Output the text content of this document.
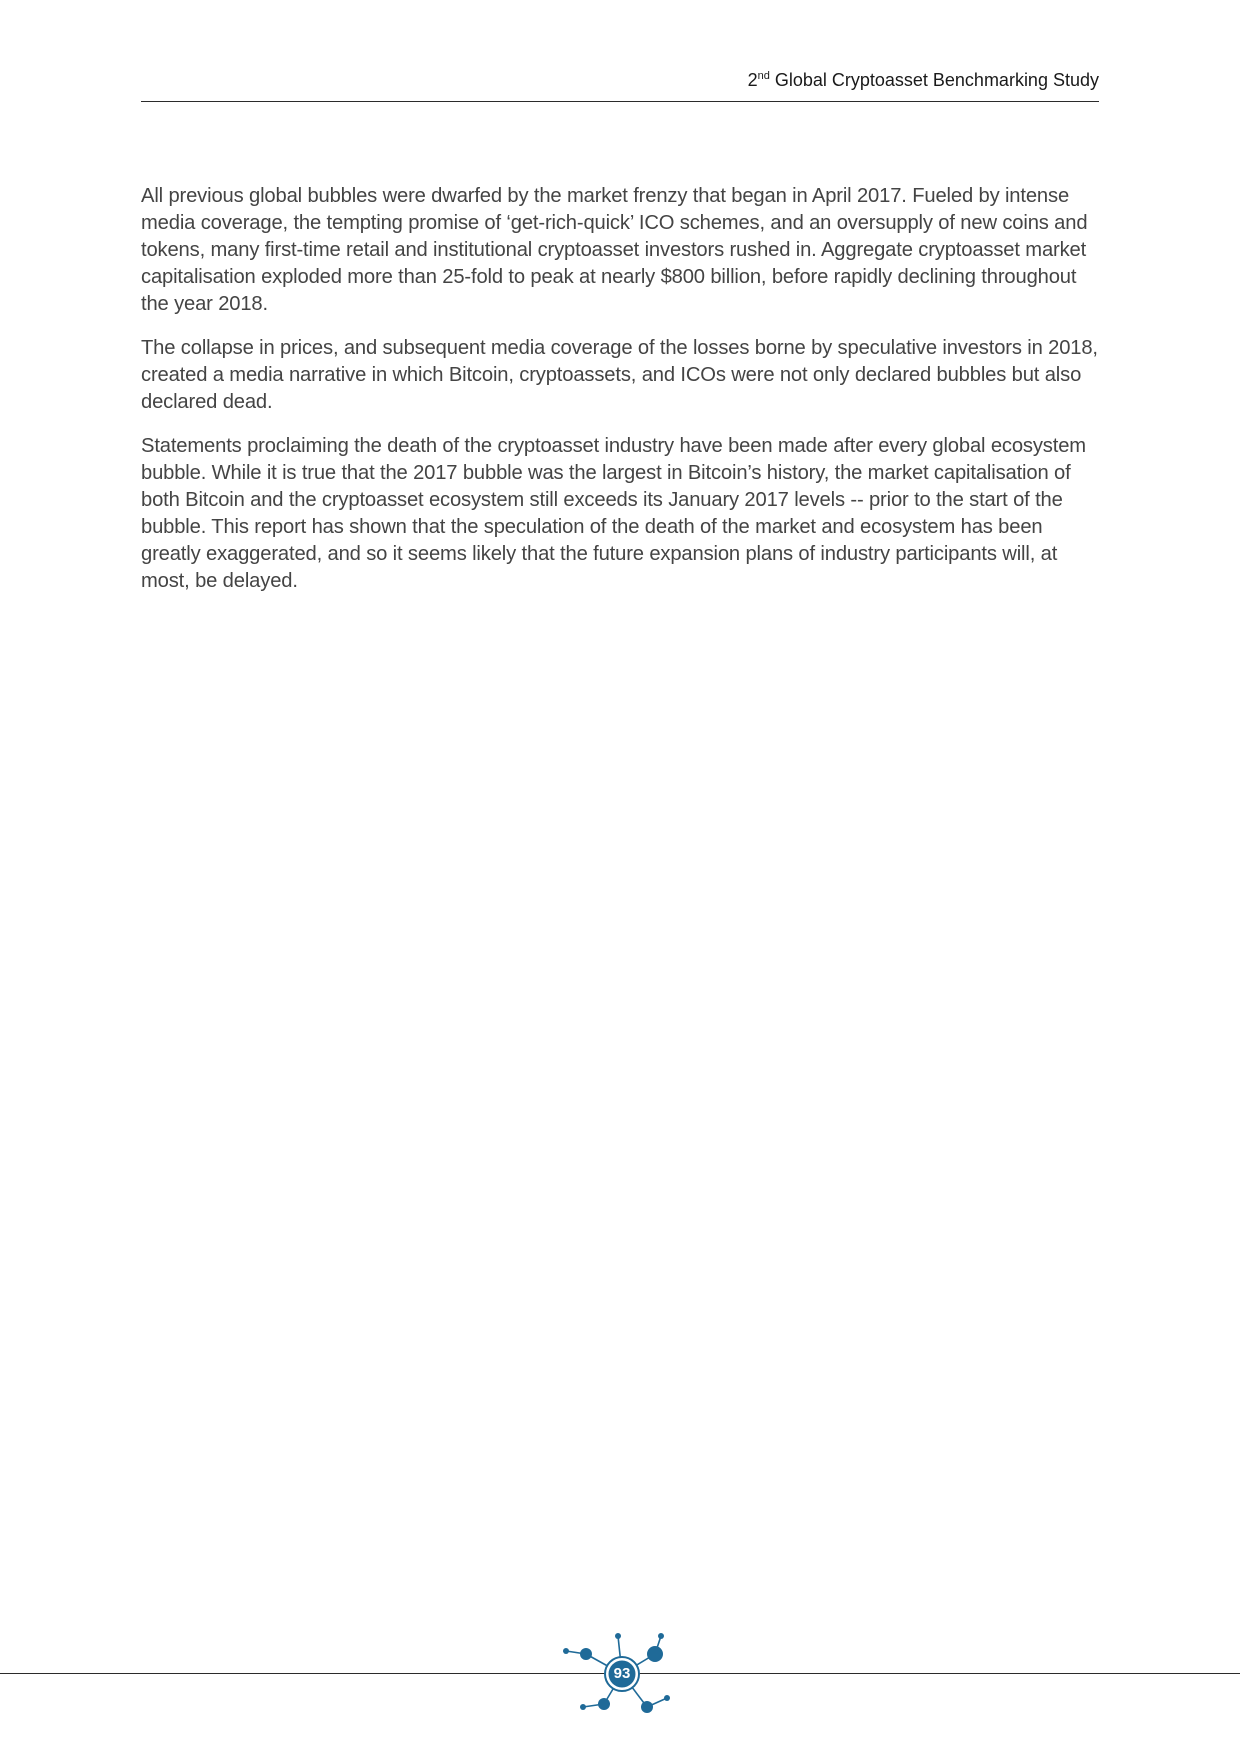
2nd Global Cryptoasset Benchmarking Study

All previous global bubbles were dwarfed by the market frenzy that began in April 2017. Fueled by intense media coverage, the tempting promise of ‘get-rich-quick’ ICO schemes, and an oversupply of new coins and tokens, many first-time retail and institutional cryptoasset investors rushed in. Aggregate cryptoasset market capitalisation exploded more than 25-fold to peak at nearly $800 billion, before rapidly declining throughout the year 2018.

The collapse in prices, and subsequent media coverage of the losses borne by speculative investors in 2018, created a media narrative in which Bitcoin, cryptoassets, and ICOs were not only declared bubbles but also declared dead.

Statements proclaiming the death of the cryptoasset industry have been made after every global ecosystem bubble. While it is true that the 2017 bubble was the largest in Bitcoin’s history, the market capitalisation of both Bitcoin and the cryptoasset ecosystem still exceeds its January 2017 levels -- prior to the start of the bubble. This report has shown that the speculation of the death of the market and ecosystem has been greatly exaggerated, and so it seems likely that the future expansion plans of industry participants will, at most, be delayed.

93
